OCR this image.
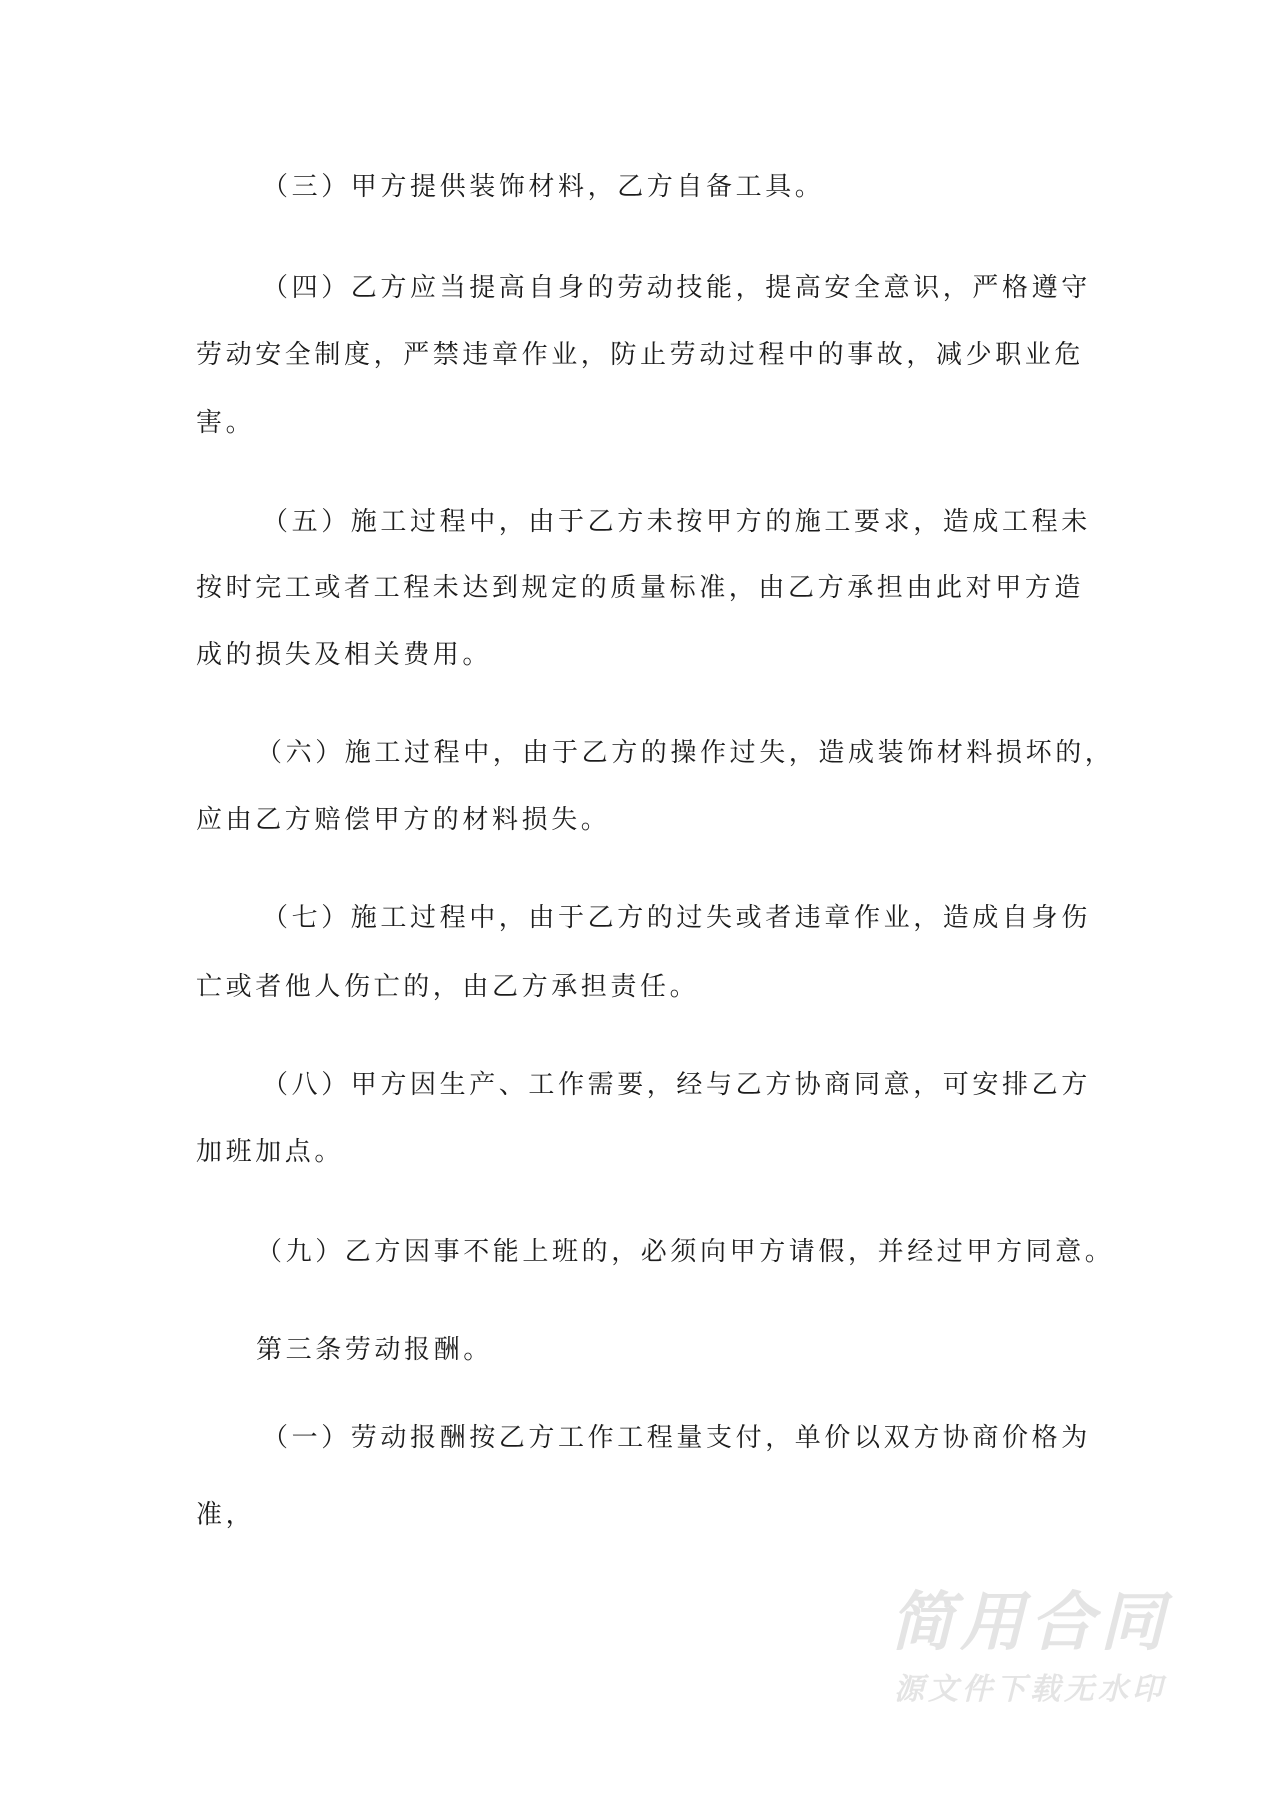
（三）甲方提供装饰材料，乙方自备工具。
（四）乙方应当提高自身的劳动技能，提高安全意识，严格遵守
劳动安全制度，严禁违章作业，防止劳动过程中的事故，减少职业危
害。
（五）施工过程中，由于乙方未按甲方的施工要求，造成工程未
按时完工或者工程未达到规定的质量标准，由乙方承担由此对甲方造
成的损失及相关费用。
（六）施工过程中，由于乙方的操作过失，造成装饰材料损坏的，
应由乙方赔偿甲方的材料损失。
（七）施工过程中，由于乙方的过失或者违章作业，造成自身伤
亡或者他人伤亡的，由乙方承担责任。
（八）甲方因生产、工作需要，经与乙方协商同意，可安排乙方
加班加点。
（九）乙方因事不能上班的，必须向甲方请假，并经过甲方同意。
第三条劳动报酬。
（一）劳动报酬按乙方工作工程量支付，单价以双方协商价格为
准，
简用合同
源文件下载无水印
